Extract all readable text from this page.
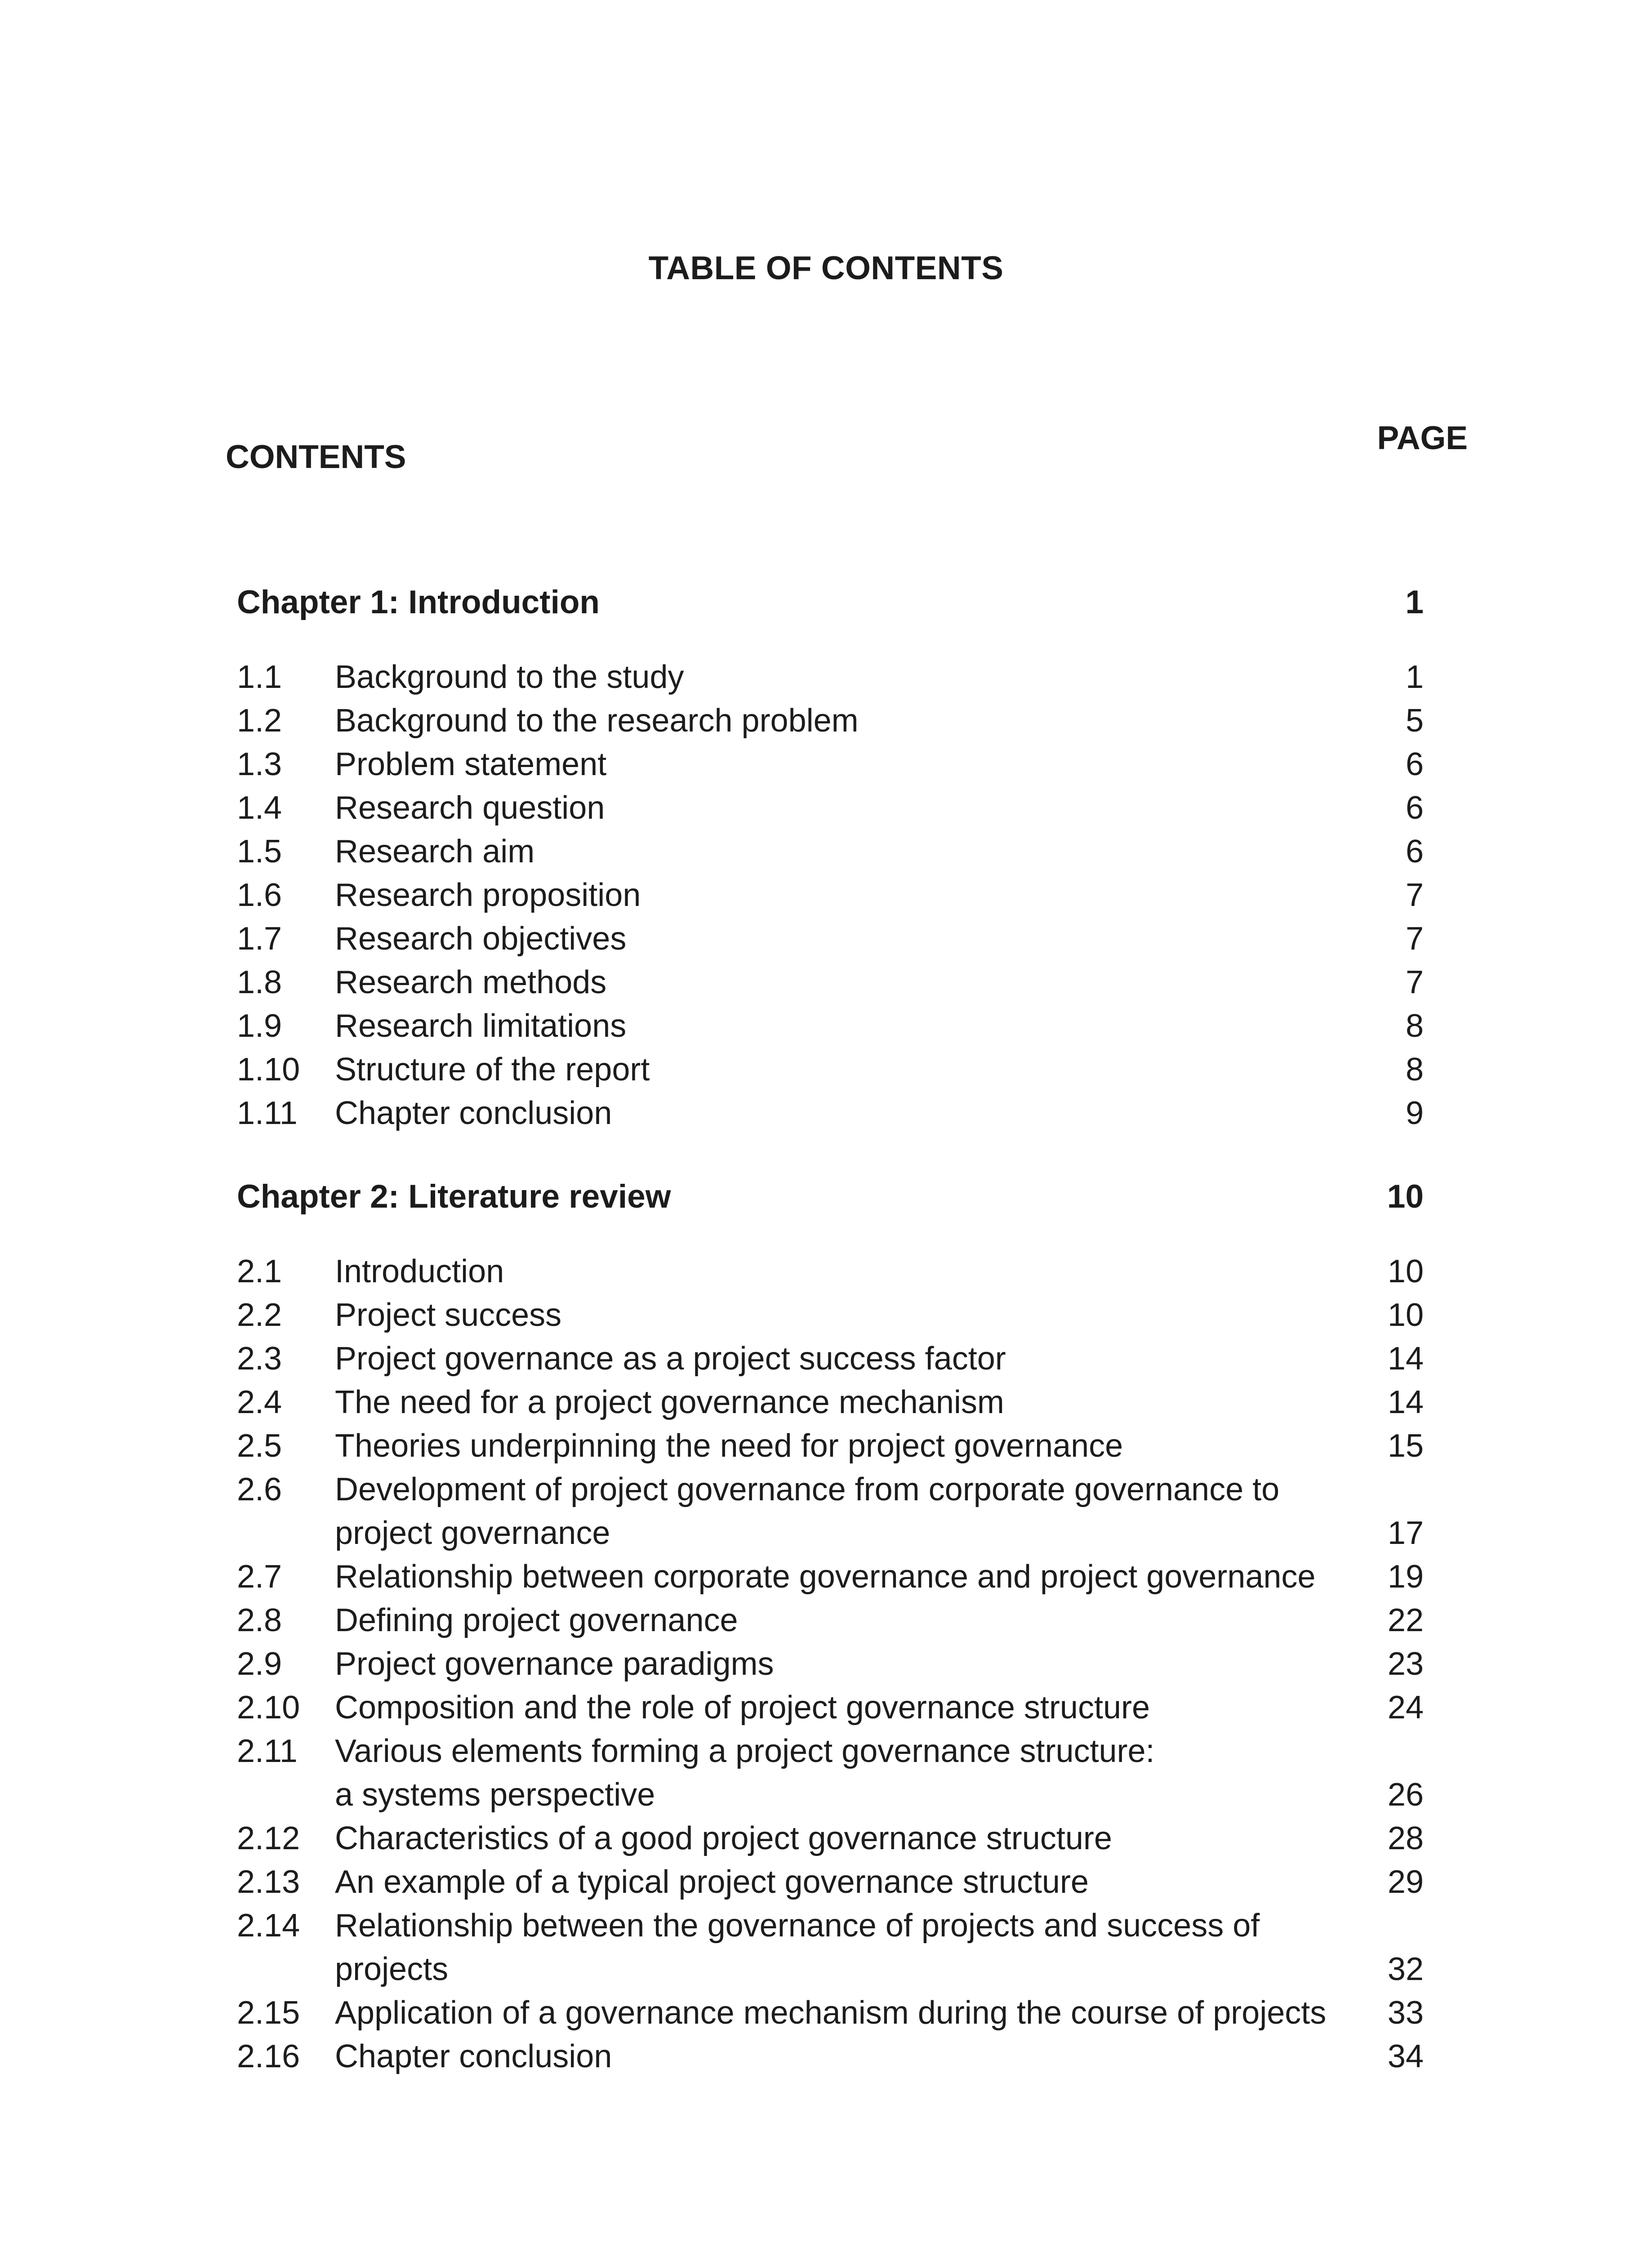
TABLE OF CONTENTS
CONTENTS
PAGE
Chapter 1: Introduction	1
1.1 Background to the study	1
1.2 Background to the research problem	5
1.3 Problem statement	6
1.4 Research question	6
1.5 Research aim	6
1.6 Research proposition	7
1.7 Research objectives	7
1.8 Research methods	7
1.9 Research limitations	8
1.10 Structure of the report	8
1.11 Chapter conclusion	9
Chapter 2: Literature review	10
2.1 Introduction	10
2.2 Project success	10
2.3 Project governance as a project success factor	14
2.4 The need for a project governance mechanism	14
2.5 Theories underpinning the need for project governance	15
2.6 Development of project governance from corporate governance to
project governance	17
2.7 Relationship between corporate governance and project governance	19
2.8 Defining project governance	22
2.9 Project governance paradigms	23
2.10 Composition and the role of project governance structure	24
2.11 Various elements forming a project governance structure:
a systems perspective	26
2.12 Characteristics of a good project governance structure	28
2.13 An example of a typical project governance structure	29
2.14 Relationship between the governance of projects and success of
projects	32
2.15 Application of a governance mechanism during the course of projects	33
2.16 Chapter conclusion	34
